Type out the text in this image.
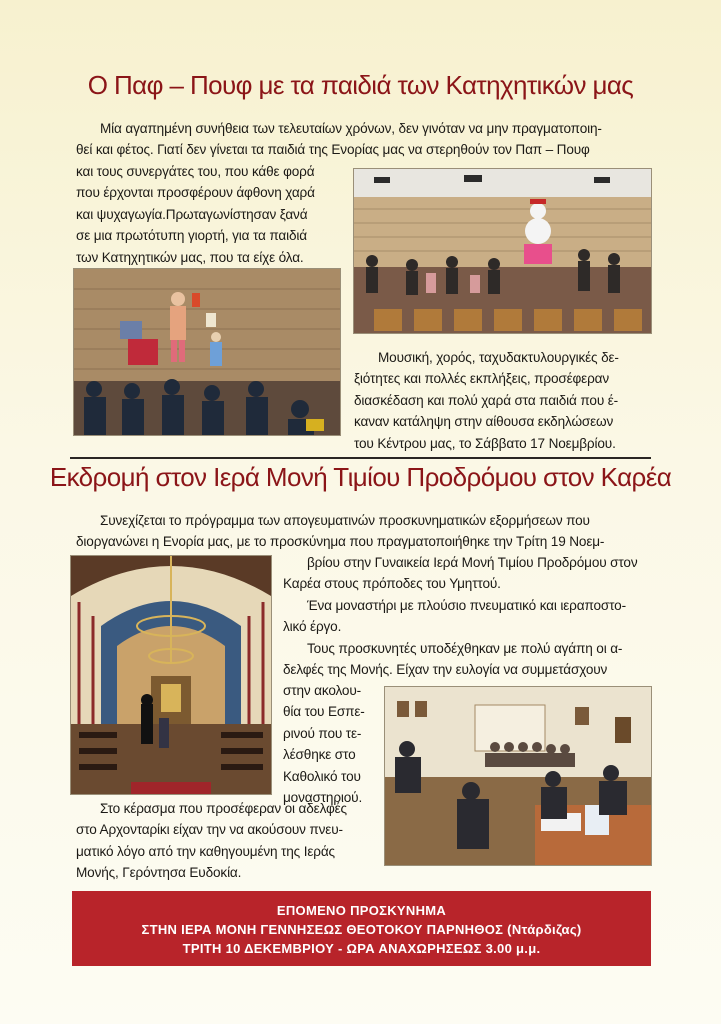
Ο Παφ – Πουφ με τα παιδιά των Κατηχητικών μας
Μία αγαπημένη συνήθεια των τελευταίων χρόνων, δεν γινόταν να μην πραγματοποιη-
θεί και φέτος. Γιατί δεν γίνεται τα παιδιά της Ενορίας μας να στερηθούν τον Παπ – Πουφ
και τους συνεργάτες του, που κάθε φορά
που έρχονται προσφέρουν άφθονη χαρά
και ψυχαγωγία.Πρωταγωνίστησαν ξανά
σε μια πρωτότυπη γιορτή, για τα παιδιά
των Κατηχητικών μας, που τα είχε όλα.
Μουσική, χορός, ταχυδακτυλουργικές δε-
ξιότητες και πολλές εκπλήξεις, προσέφεραν
διασκέδαση και πολύ χαρά στα παιδιά που έ-
καναν κατάληψη στην αίθουσα εκδηλώσεων
του Κέντρου μας, το Σάββατο 17 Νοεμβρίου.
Εκδρομή στον Ιερά Μονή Τιμίου Προδρόμου στον Καρέα
Συνεχίζεται το πρόγραμμα των απογευματινών προσκυνηματικών εξορμήσεων που
διοργανώνει η Ενορία μας, με το προσκύνημα που πραγματοποιήθηκε την Τρίτη 19 Νοεμ-
βρίου στην Γυναικεία Ιερά Μονή Τιμίου Προδρόμου στον
Καρέα στους πρόποδες του Υμηττού.
Ένα μοναστήρι με πλούσιο πνευματικό και ιεραποστο-
λικό έργο.
Τους προσκυνητές υποδέχθηκαν με πολύ αγάπη οι α-
δελφές της Μονής. Είχαν την ευλογία να συμμετάσχουν
στην ακολου-
θία του Εσπε-
ρινού που τε-
λέσθηκε στο
Καθολικό του
μοναστηριού.
Στο κέρασμα που προσέφεραν οι αδελφές
στο Αρχονταρίκι είχαν την να ακούσουν πνευ-
ματικό λόγο από την καθηγουμένη της Ιεράς
Μονής, Γερόντησα Ευδοκία.
ΕΠΟΜΕΝΟ ΠΡΟΣΚΥΝΗΜΑ
ΣΤΗΝ ΙΕΡΑ ΜΟΝΗ ΓΕΝΝΗΣΕΩΣ ΘΕΟΤΟΚΟΥ ΠΑΡΝΗΘΟΣ (Ντάρδιζας)
ΤΡΙΤΗ 10 ΔΕΚΕΜΒΡΙΟΥ - ΩΡΑ ΑΝΑΧΩΡΗΣΕΩΣ 3.00 μ.μ.
